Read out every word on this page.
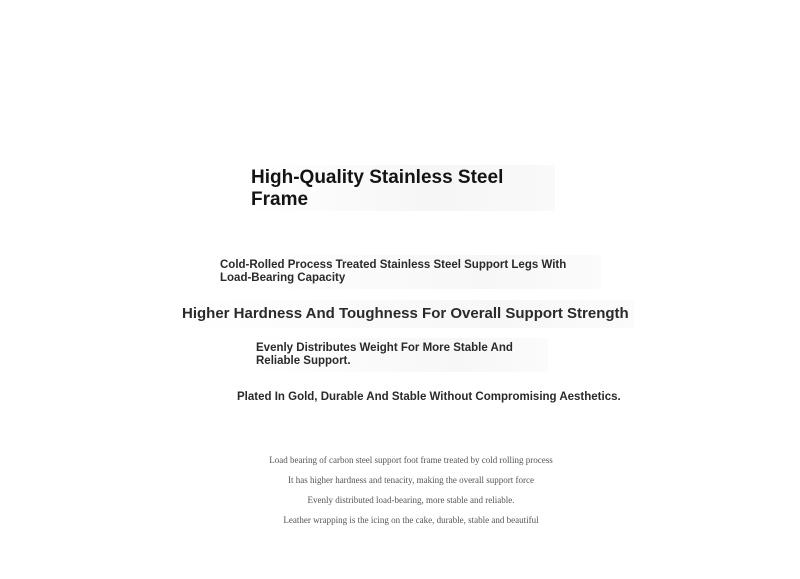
High-Quality Stainless Steel Frame
Cold-Rolled Process Treated Stainless Steel Support Legs With Load-Bearing Capacity
Higher Hardness And Toughness For Overall Support Strength
Evenly Distributes Weight For More Stable And Reliable Support.
Plated In Gold, Durable And Stable Without Compromising Aesthetics.
Load bearing of carbon steel support foot frame treated by cold rolling process
It has higher hardness and tenacity, making the overall support force
Evenly distributed load-bearing, more stable and reliable.
Leather wrapping is the icing on the cake, durable, stable and beautiful
